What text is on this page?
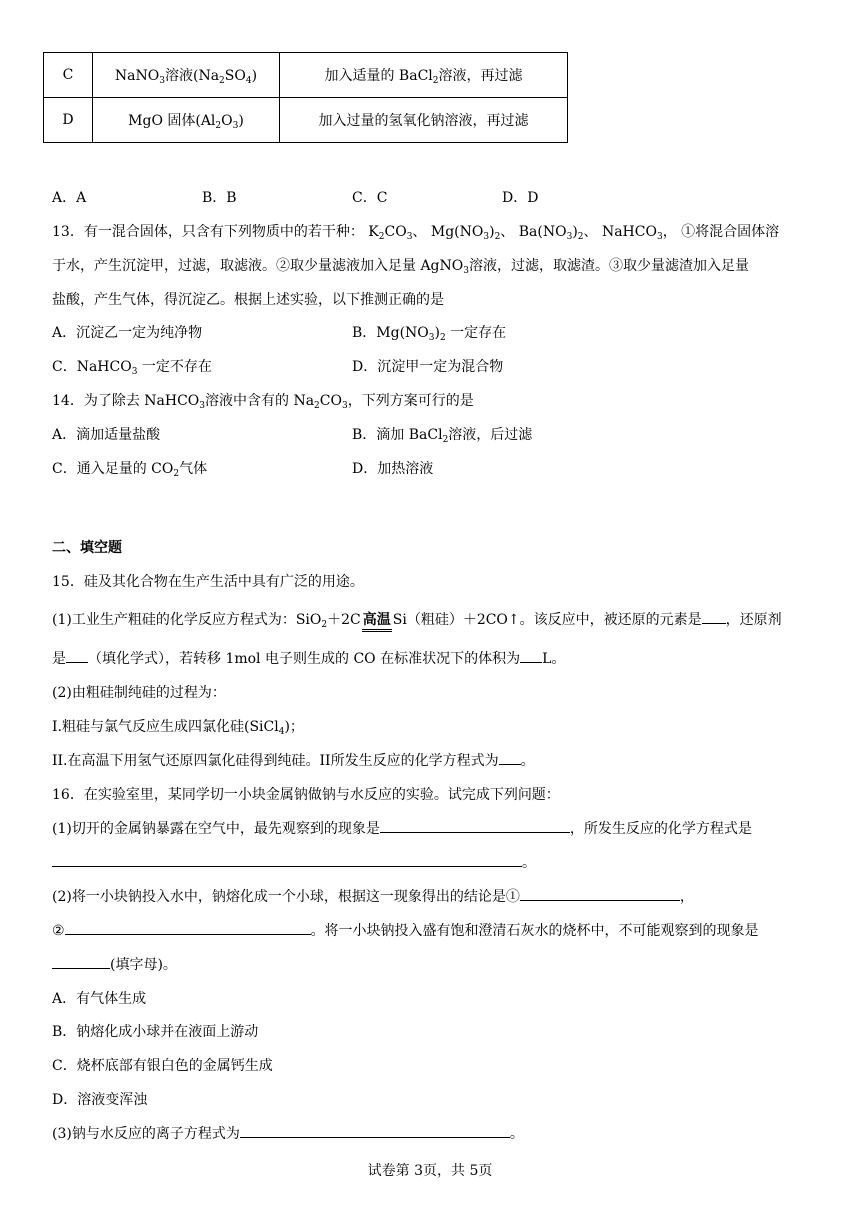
C	NaNO$_3$溶液$(Na_2SO_4)$	加入适量的 BaCl$_2$溶液，再过滤
D	MgO 固体$(Al_2O_3)$	加入过量的氢氧化钠溶液，再过滤
A．A	B．B	C．C	D．D
13．有一混合固体，只含有下列物质中的若干种： $K_2CO_3$、 $Mg(NO_3)_2$、 $Ba(NO_3)_2$、 NaHCO$_3$， ①将混合固体溶
于水，产生沉淀甲，过滤，取滤液。②取少量滤液加入足量 AgNO$_3$溶液，过滤，取滤渣。③取少量滤渣加入足量
盐酸，产生气体，得沉淀乙。根据上述实验，以下推测正确的是
A．沉淀乙一定为纯净物	B．$Mg(NO_3)_2$ 一定存在
C．NaHCO$_3$ 一定不存在	D．沉淀甲一定为混合物
14．为了除去 NaHCO$_3$溶液中含有的 $Na_2CO_3$，下列方案可行的是
A．滴加适量盐酸	B．滴加 BaCl$_2$溶液，后过滤
C．通入足量的 $CO_2$气体	D．加热溶液
二、填空题
15．硅及其化合物在生产生活中具有广泛的用途。
(1)工业生产粗硅的化学反应方程式为：SiO$_2$＋2C 高温 Si（粗硅）＋2CO↑。该反应中，被还原的元素是 ，还原剂
是 （填化学式），若转移 1mol 电子则生成的 CO 在标准状况下的体积为 L。
(2)由粗硅制纯硅的过程为：
I.粗硅与氯气反应生成四氯化硅(SiCl$_4$)；
II.在高温下用氢气还原四氯化硅得到纯硅。II所发生反应的化学方程式为 。
16．在实验室里，某同学切一小块金属钠做钠与水反应的实验。试完成下列问题：
(1)切开的金属钠暴露在空气中，最先观察到的现象是	，所发生反应的化学方程式是
。
(2)将一小块钠投入水中，钠熔化成一个小球，根据这一现象得出的结论是①	，
②	。将一小块钠投入盛有饱和澄清石灰水的烧杯中，不可能观察到的现象是
(填字母)。
A．有气体生成
B．钠熔化成小球并在液面上游动
C．烧杯底部有银白色的金属钙生成
D．溶液变浑浊
(3)钠与水反应的离子方程式为	。
试卷第 3页，共 5页
